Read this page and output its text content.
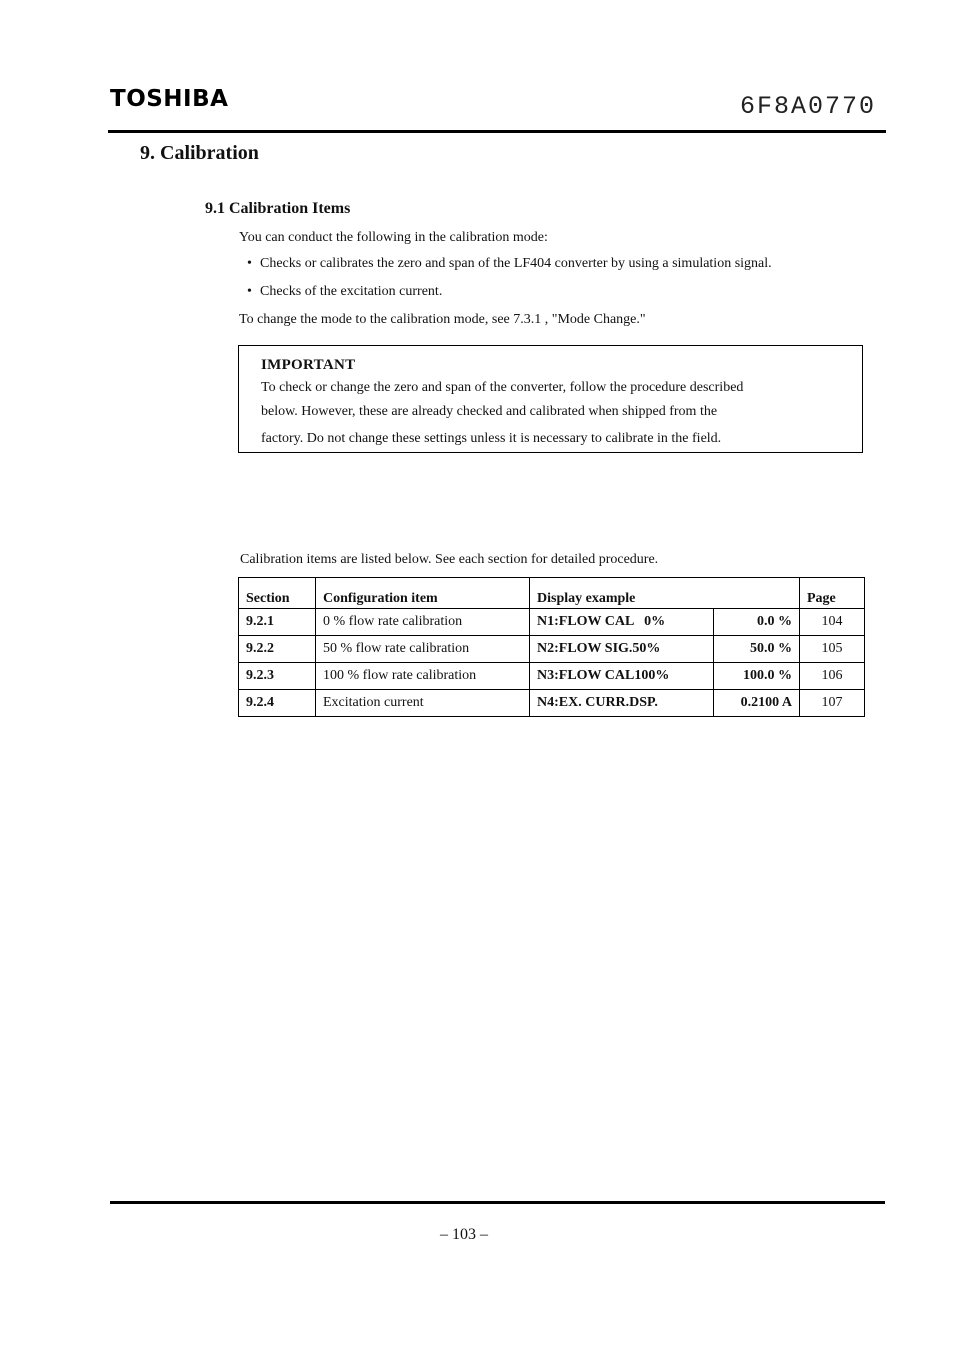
TOSHIBA	6F8A0770
9. Calibration
9.1 Calibration Items
You can conduct the following in the calibration mode:
• Checks or calibrates the zero and span of the LF404 converter by using a simulation signal.
• Checks of the excitation current.
To change the mode to the calibration mode, see 7.3.1 , "Mode Change."
IMPORTANT
To check or change the zero and span of the converter, follow the procedure described
below. However, these are already checked and calibrated when shipped from the
factory. Do not change these settings unless it is necessary to calibrate in the field.
Calibration items are listed below. See each section for detailed procedure.
Section	Configuration item	Display example		Page
9.2.1	0 % flow rate calibration	N1:FLOW CAL   0%	0.0 %	104
9.2.2	50 % flow rate calibration	N2:FLOW SIG.50%	50.0 %	105
9.2.3	100 % flow rate calibration	N3:FLOW CAL100%	100.0 %	106
9.2.4	Excitation current	N4:EX. CURR.DSP.	0.2100 A	107
– 103 –
